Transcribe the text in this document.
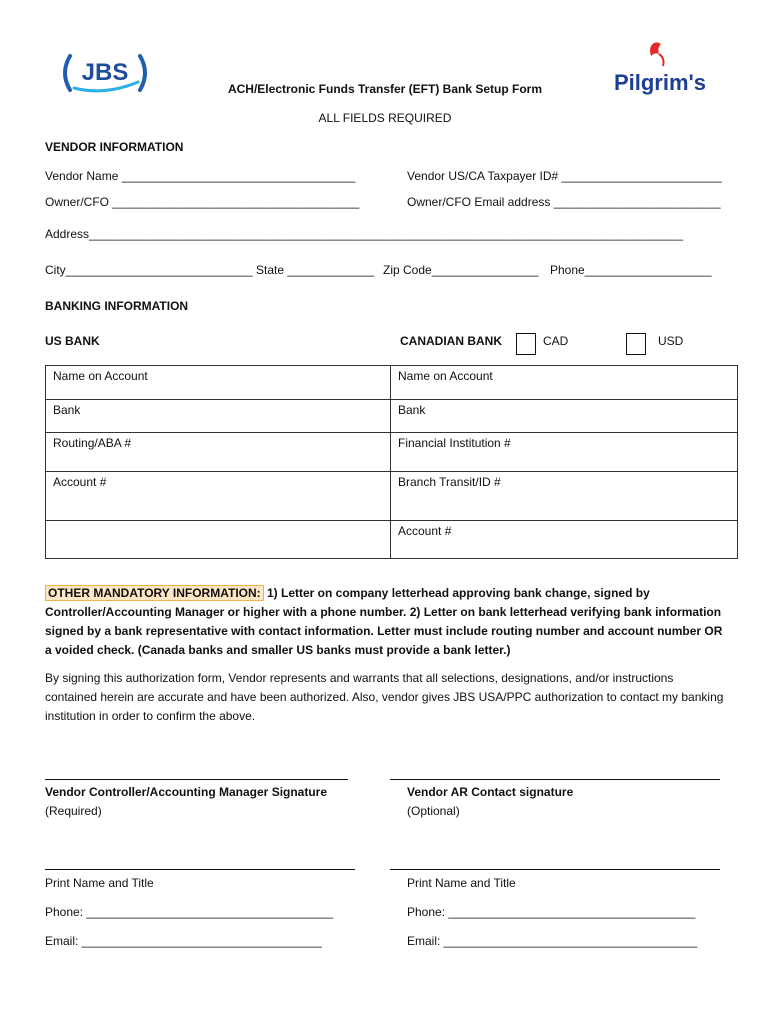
JBS	Pilgrim's
ACH/Electronic Funds Transfer (EFT) Bank Setup Form
ALL FIELDS REQUIRED
VENDOR INFORMATION
Vendor Name ___________________________________	Vendor US/CA Taxpayer ID# ________________________
Owner/CFO _____________________________________	Owner/CFO Email address _________________________
Address_________________________________________________________________________________________
City____________________________ State _____________ Zip Code________________ Phone___________________
BANKING INFORMATION
US BANK	CANADIAN BANK	CAD	USD
Name on Account	Name on Account
Bank	Bank
Routing/ABA #	Financial Institution #
Account #	Branch Transit/ID #
	Account #
OTHER MANDATORY INFORMATION: 1) Letter on company letterhead approving bank change, signed by Controller/Accounting Manager or higher with a phone number. 2) Letter on bank letterhead verifying bank information signed by a bank representative with contact information. Letter must include routing number and account number OR a voided check. (Canada banks and smaller US banks must provide a bank letter.)
By signing this authorization form, Vendor represents and warrants that all selections, designations, and/or instructions contained herein are accurate and have been authorized. Also, vendor gives JBS USA/PPC authorization to contact my banking institution in order to confirm the above.
Vendor Controller/Accounting Manager Signature
(Required)
Vendor AR Contact signature
(Optional)
Print Name and Title	Print Name and Title
Phone: _____________________________________	Phone: _____________________________________
Email: ____________________________________	Email: ______________________________________
